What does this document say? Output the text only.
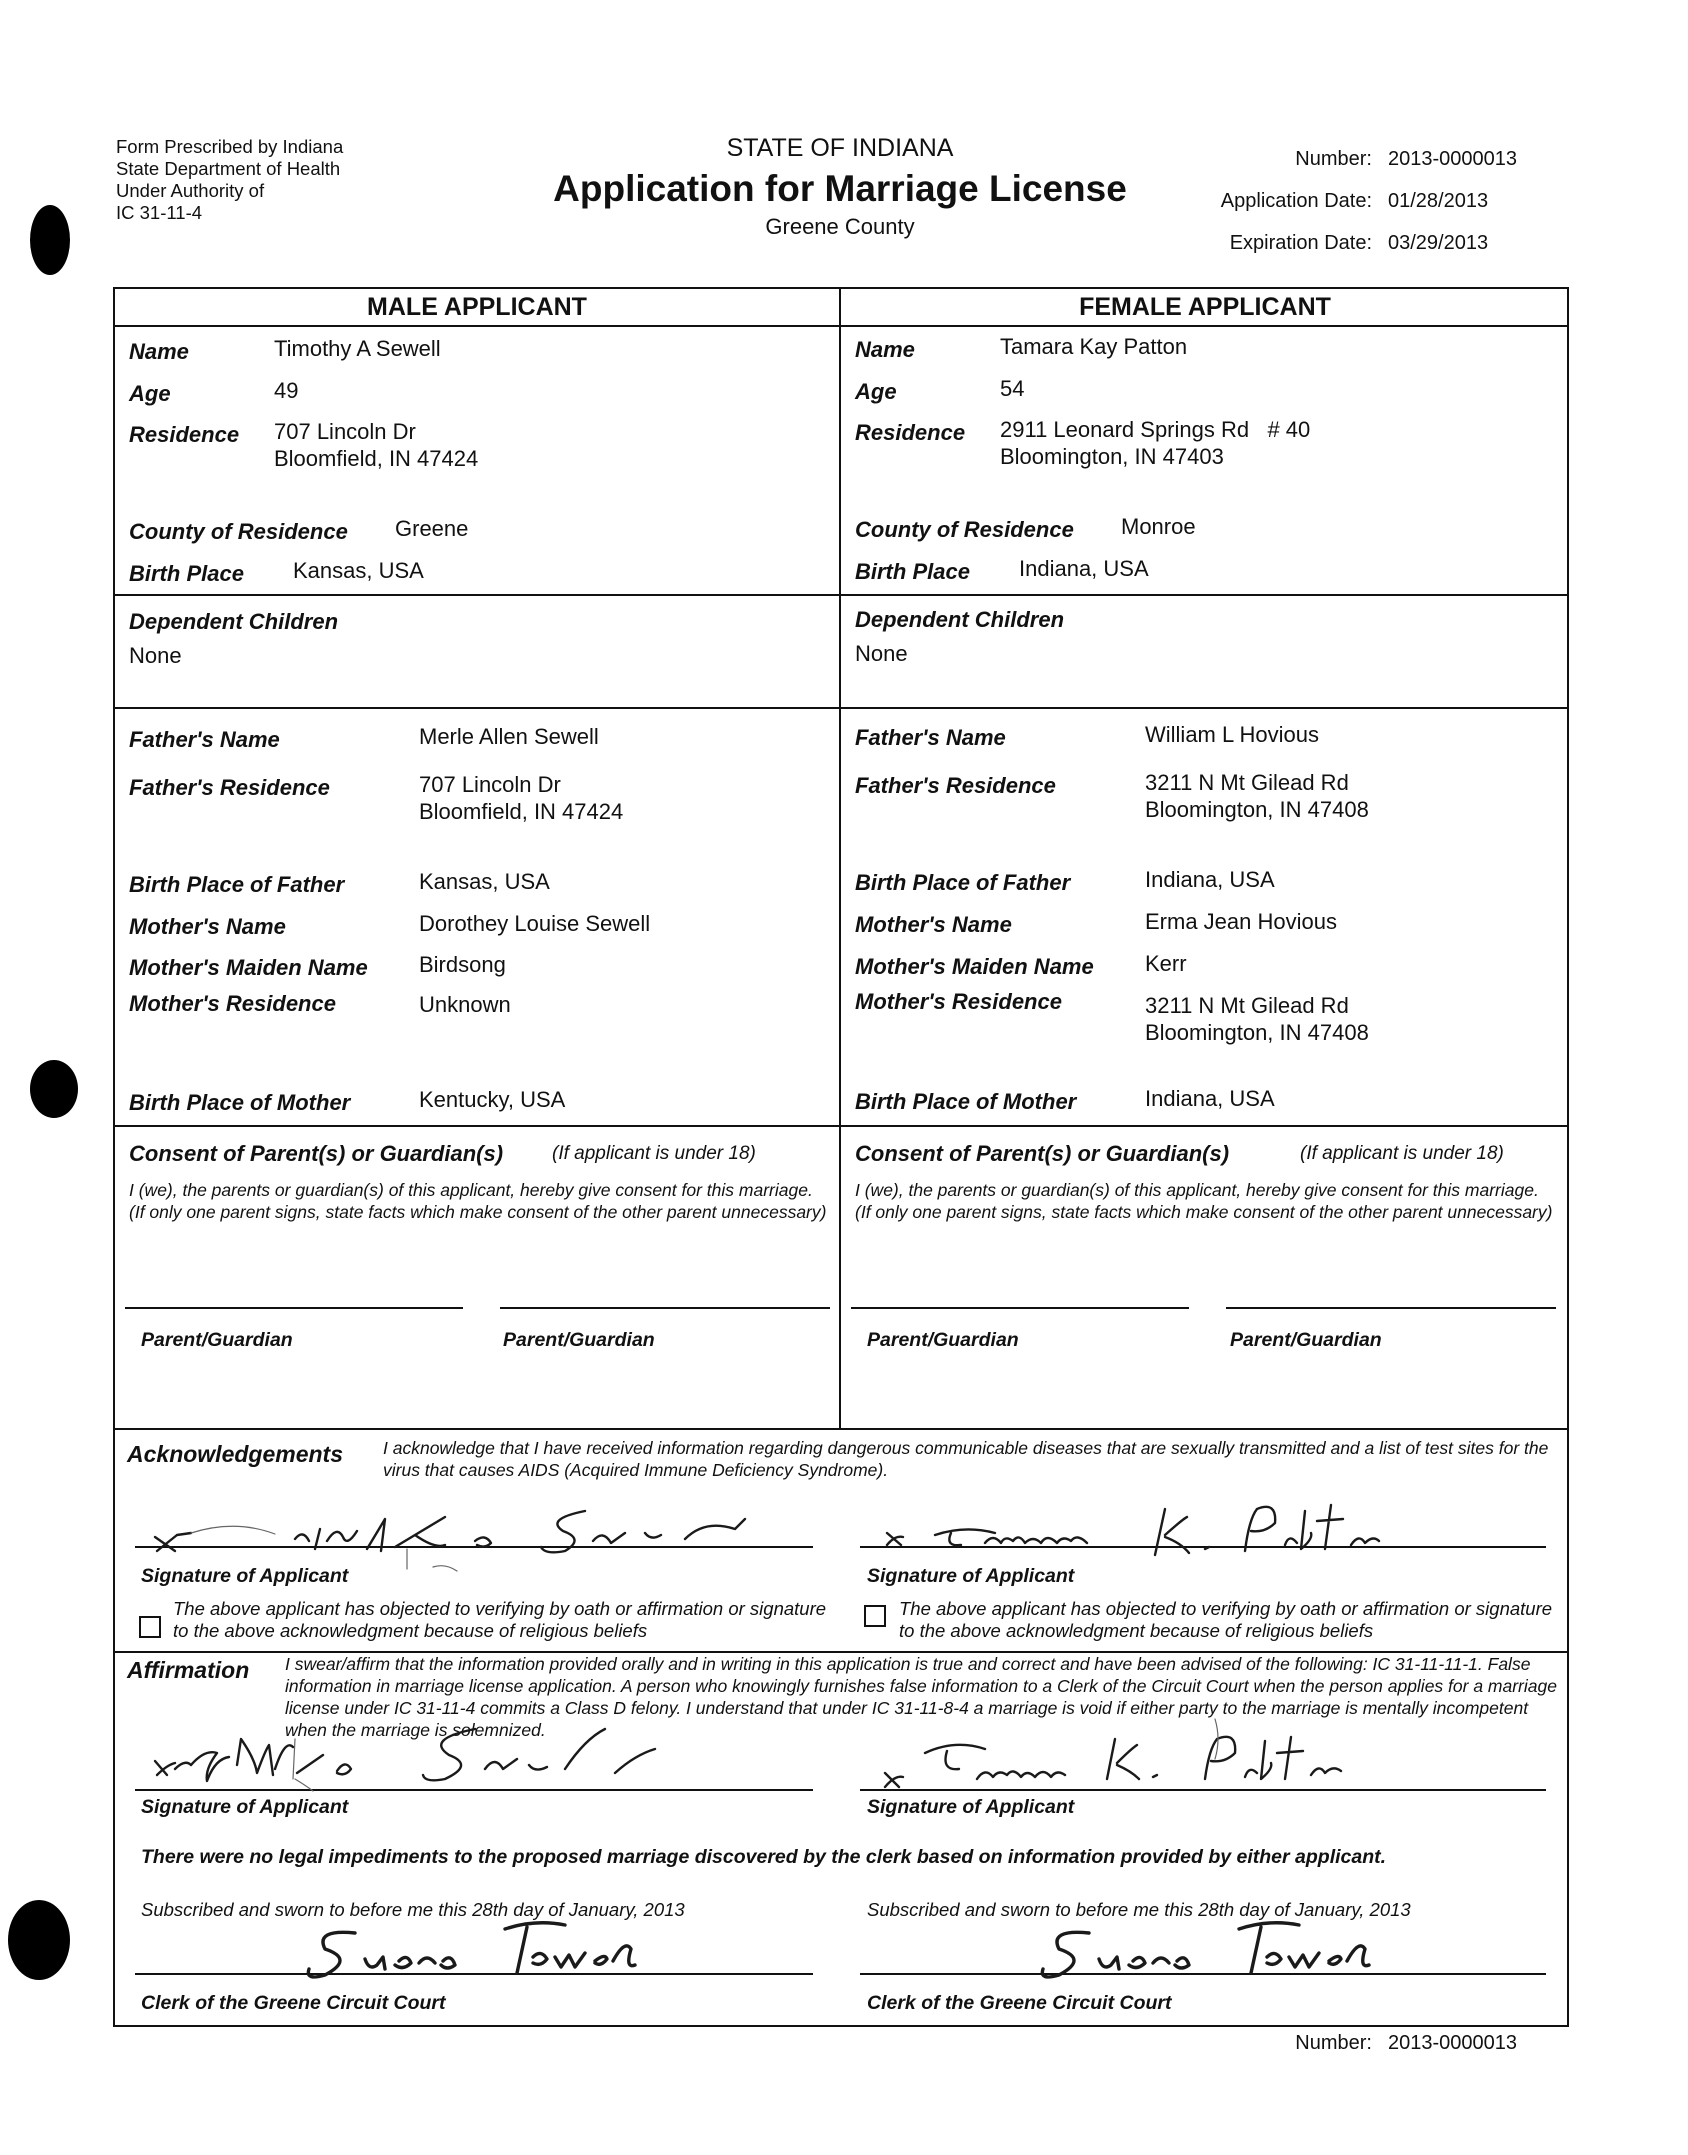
Form Prescribed by Indiana
State Department of Health
Under Authority of
IC 31-11-4
STATE OF INDIANA
Application for Marriage License
Greene County
Number: 2013-0000013
Application Date: 01/28/2013
Expiration Date: 03/29/2013
MALE APPLICANT	FEMALE APPLICANT
Name	Timothy A Sewell
Age	49
Residence 707 Lincoln Dr
Bloomfield, IN 47424
County of Residence Greene
Birth Place Kansas, USA
Dependent Children
None
Father's Name	Merle Allen Sewell
Father's Residence	707 Lincoln Dr
Bloomfield, IN 47424
Birth Place of Father	Kansas, USA
Mother's Name	Dorothey Louise Sewell
Mother's Maiden Name Birdsong
Mother's Residence	Unknown
Birth Place of Mother	Kentucky, USA
Name	Tamara Kay Patton
Age	54
Residence 2911 Leonard Springs Rd   # 40
Bloomington, IN 47403
County of Residence Monroe
Birth Place Indiana, USA
Dependent Children
None
Father's Name	William L Hovious
Father's Residence	3211 N Mt Gilead Rd
Bloomington, IN 47408
Birth Place of Father	Indiana, USA
Mother's Name	Erma Jean Hovious
Mother's Maiden Name Kerr
Mother's Residence	3211 N Mt Gilead Rd
Bloomington, IN 47408
Birth Place of Mother	Indiana, USA
Consent of Parent(s) or Guardian(s)	(If applicant is under 18)
I (we), the parents or guardian(s) of this applicant, hereby give consent for this marriage. (If only one parent signs, state facts which make consent of the other parent unnecessary)
Parent/Guardian	Parent/Guardian
Consent of Parent(s) or Guardian(s)	(If applicant is under 18)
I (we), the parents or guardian(s) of this applicant, hereby give consent for this marriage. (If only one parent signs, state facts which make consent of the other parent unnecessary)
Parent/Guardian	Parent/Guardian
Acknowledgements I acknowledge that I have received information regarding dangerous communicable diseases that are sexually transmitted and a list of test sites for the virus that causes AIDS (Acquired Immune Deficiency Syndrome).
Signature of Applicant	Signature of Applicant
The above applicant has objected to verifying by oath or affirmation or signature to the above acknowledgment because of religious beliefs
The above applicant has objected to verifying by oath or affirmation or signature to the above acknowledgment because of religious beliefs
Affirmation I swear/affirm that the information provided orally and in writing in this application is true and correct and have been advised of the following: IC 31-11-11-1. False information in marriage license application. A person who knowingly furnishes false information to a Clerk of the Circuit Court when the person applies for a marriage license under IC 31-11-4 commits a Class D felony. I understand that under IC 31-11-8-4 a marriage is void if either party to the marriage is mentally incompetent when the marriage is solemnized.
Signature of Applicant	Signature of Applicant
There were no legal impediments to the proposed marriage discovered by the clerk based on information provided by either applicant.
Subscribed and sworn to before me this 28th day of January, 2013	Subscribed and sworn to before me this 28th day of January, 2013
Clerk of the Greene Circuit Court	Clerk of the Greene Circuit Court
Number: 2013-0000013
